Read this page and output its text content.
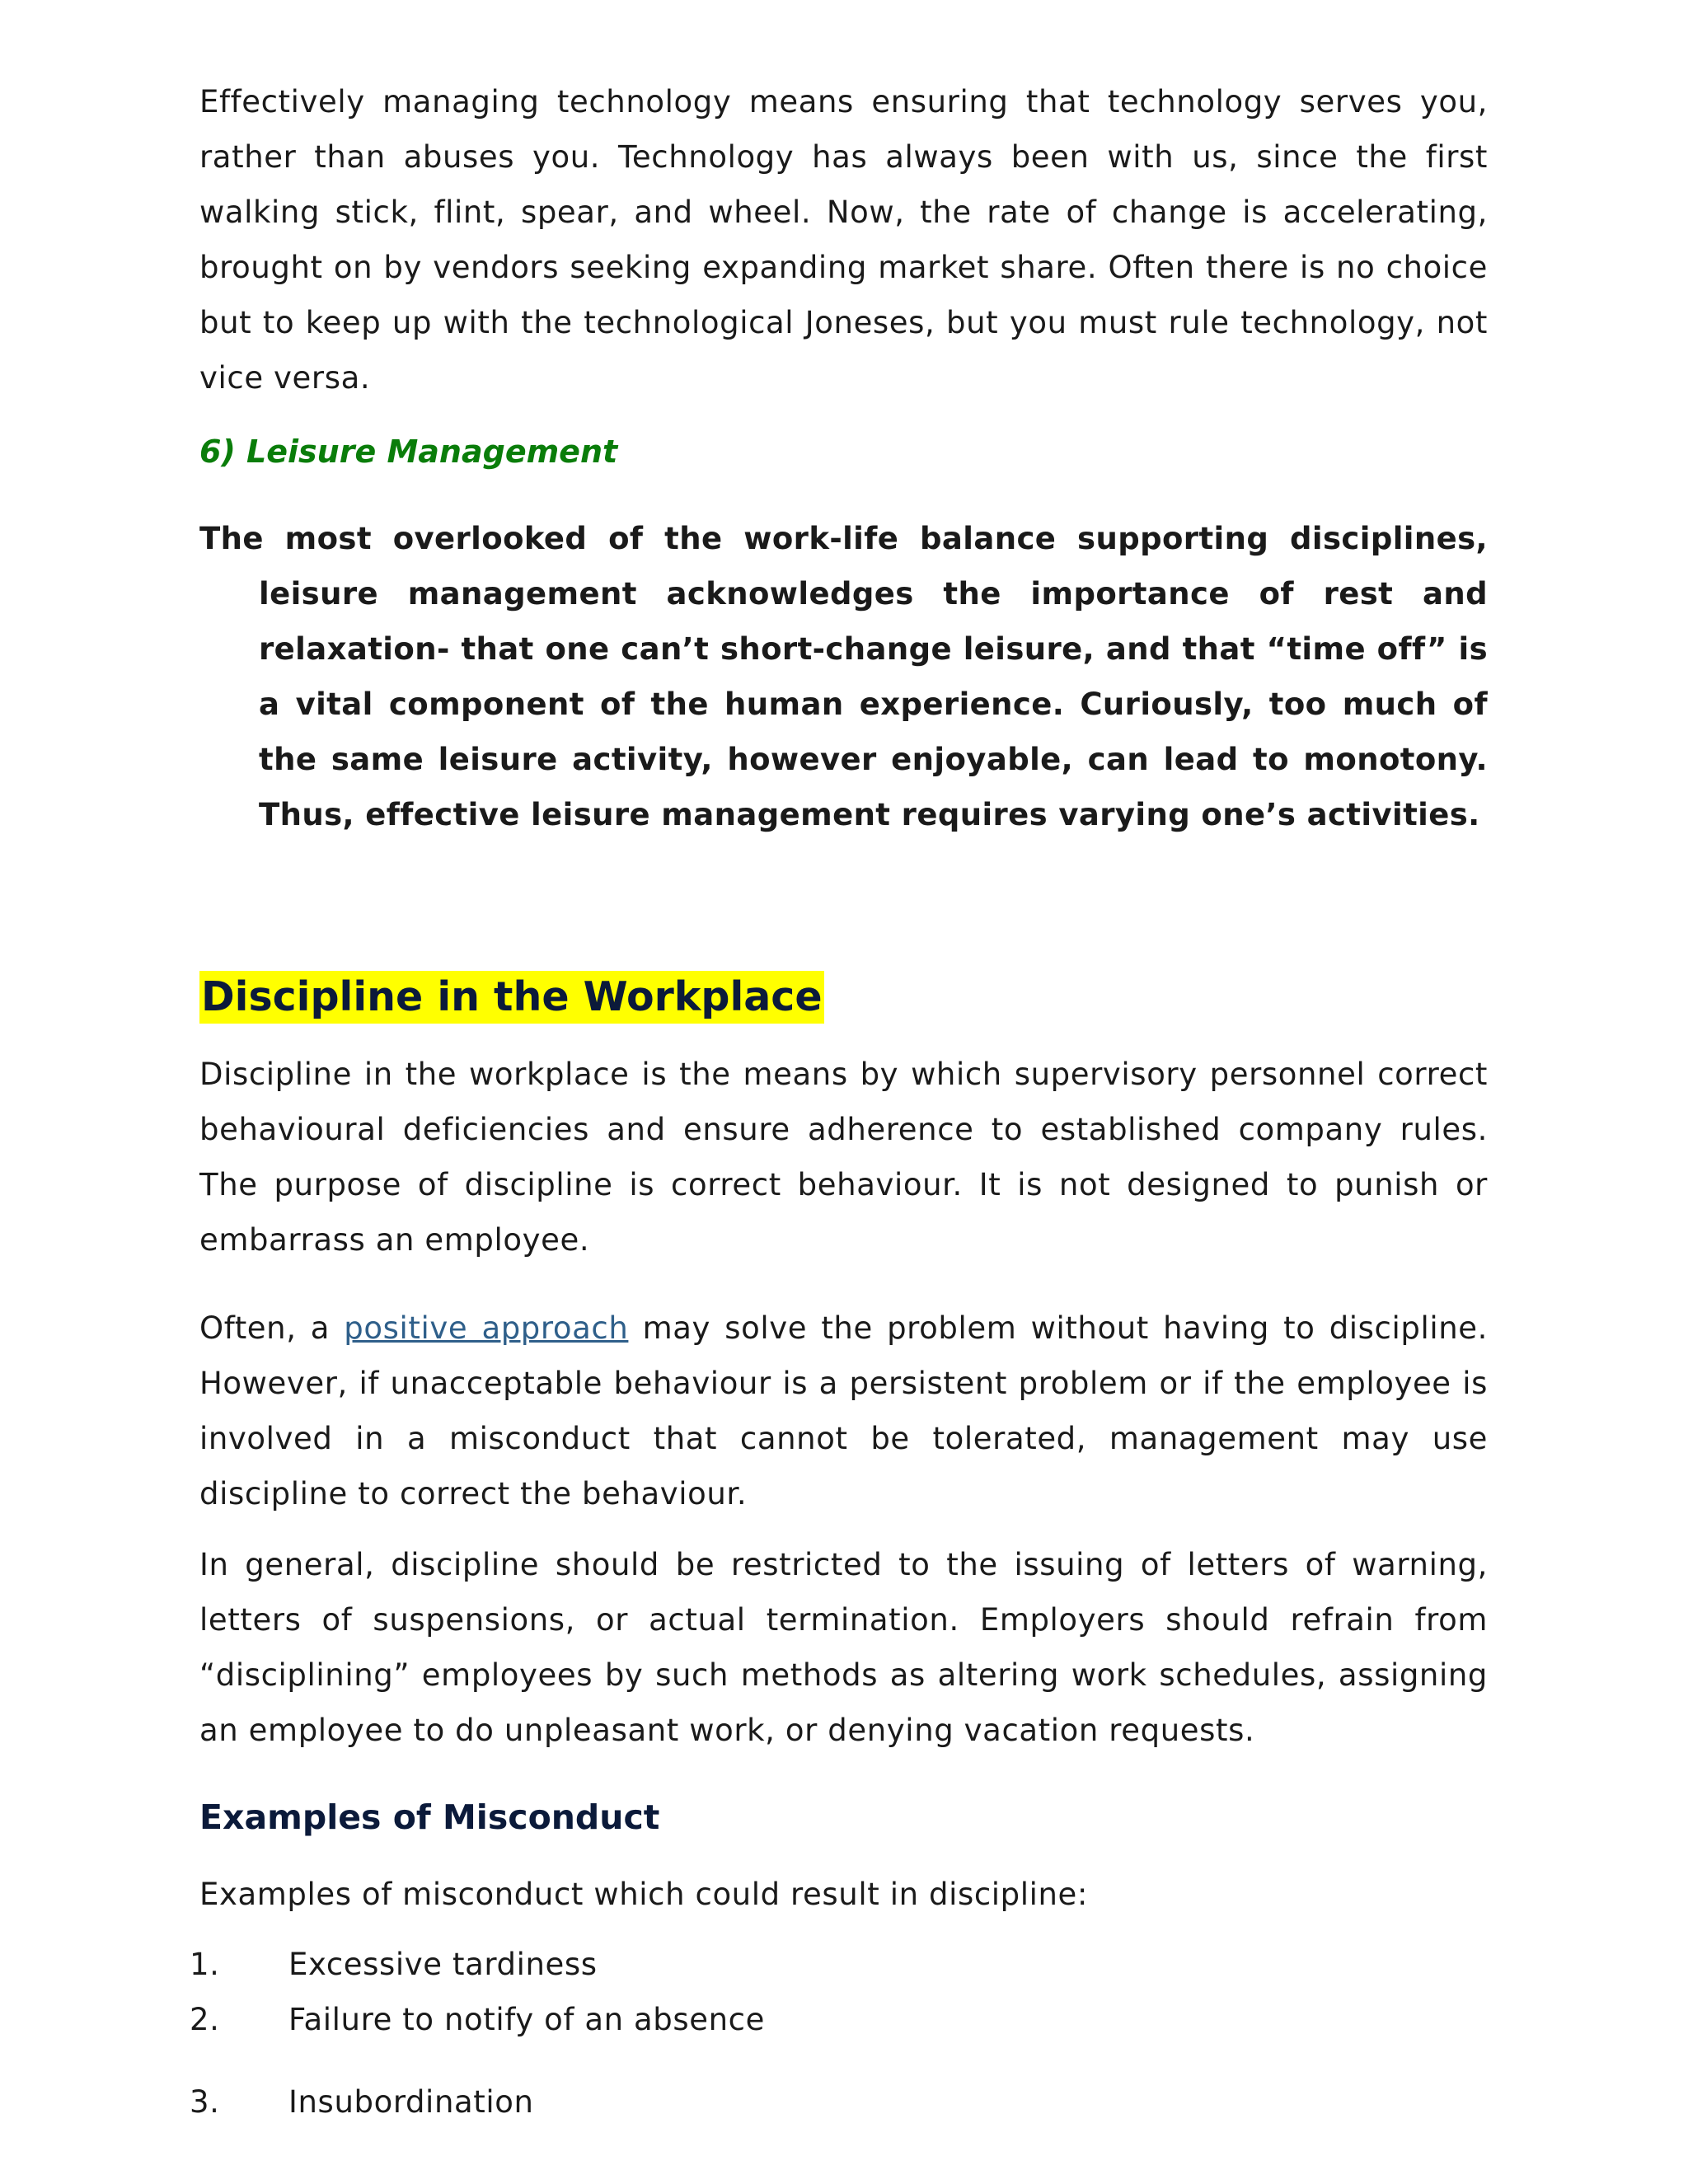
Effectively managing technology means ensuring that technology serves you, rather than abuses you. Technology has always been with us, since the first walking stick, flint, spear, and wheel. Now, the rate of change is accelerating, brought on by vendors seeking expanding market share. Often there is no choice but to keep up with the technological Joneses, but you must rule technology, not vice versa.

6) Leisure Management

The most overlooked of the work-life balance supporting disciplines, leisure management acknowledges the importance of rest and relaxation- that one can’t short-change leisure, and that “time off” is a vital component of the human experience. Curiously, too much of the same leisure activity, however enjoyable, can lead to monotony. Thus, effective leisure management requires varying one’s activities.

Discipline in the Workplace

Discipline in the workplace is the means by which supervisory personnel correct behavioural deficiencies and ensure adherence to established company rules. The purpose of discipline is correct behaviour. It is not designed to punish or embarrass an employee.

Often, a positive approach may solve the problem without having to discipline. However, if unacceptable behaviour is a persistent problem or if the employee is involved in a misconduct that cannot be tolerated, management may use discipline to correct the behaviour.

In general, discipline should be restricted to the issuing of letters of warning, letters of suspensions, or actual termination. Employers should refrain from “disciplining” employees by such methods as altering work schedules, assigning an employee to do unpleasant work, or denying vacation requests.

Examples of Misconduct

Examples of misconduct which could result in discipline:

1. Excessive tardiness
2. Failure to notify of an absence
3. Insubordination
